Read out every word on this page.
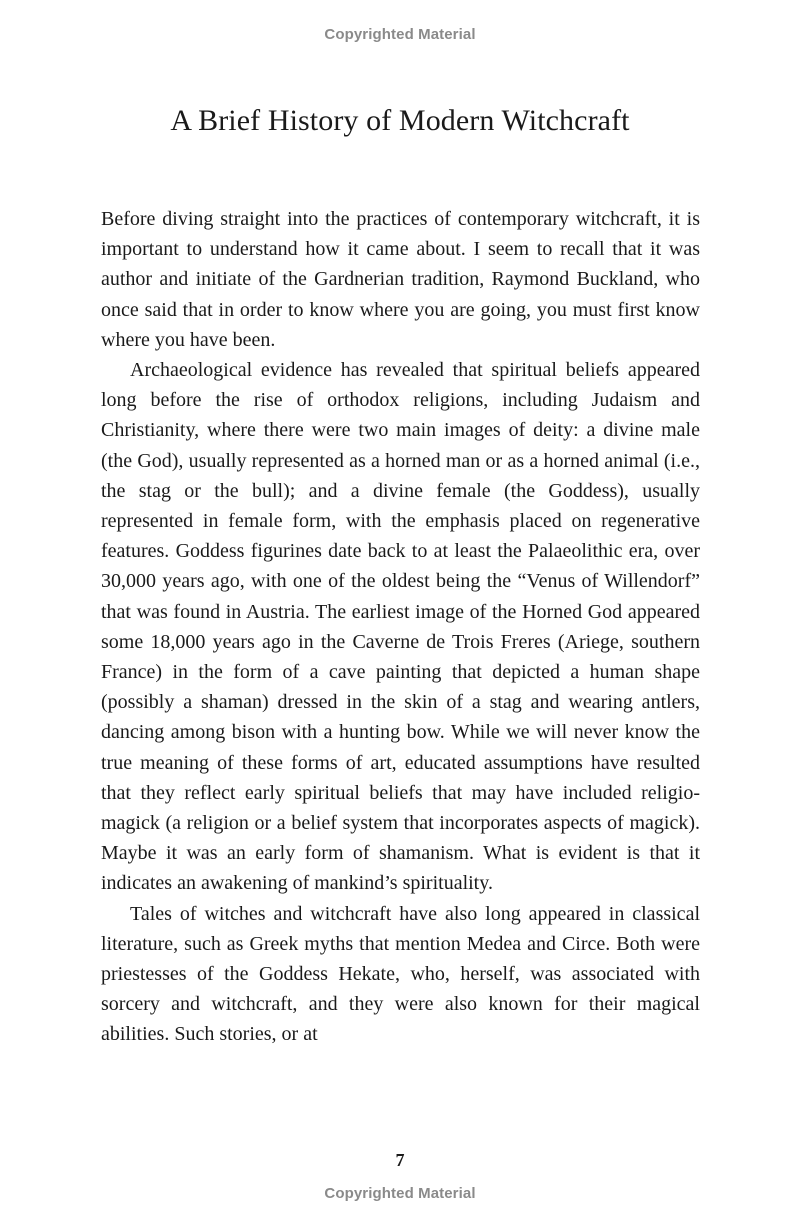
Copyrighted Material
A Brief History of Modern Witchcraft

Before diving straight into the practices of contemporary witchcraft, it is important to understand how it came about. I seem to recall that it was author and initiate of the Gardnerian tradition, Raymond Buckland, who once said that in order to know where you are going, you must first know where you have been.

Archaeological evidence has revealed that spiritual beliefs appeared long before the rise of orthodox religions, including Judaism and Christianity, where there were two main images of deity: a divine male (the God), usually represented as a horned man or as a horned animal (i.e., the stag or the bull); and a divine female (the Goddess), usually represented in female form, with the emphasis placed on regenerative features. Goddess figurines date back to at least the Palaeolithic era, over 30,000 years ago, with one of the oldest being the “Venus of Willendorf” that was found in Austria. The earliest image of the Horned God appeared some 18,000 years ago in the Caverne de Trois Freres (Ariege, southern France) in the form of a cave painting that depicted a human shape (possibly a shaman) dressed in the skin of a stag and wearing antlers, dancing among bison with a hunting bow. While we will never know the true meaning of these forms of art, educated assumptions have resulted that they reflect early spiritual beliefs that may have included religio-magick (a religion or a belief system that incorporates aspects of magick). Maybe it was an early form of shamanism. What is evident is that it indicates an awakening of mankind’s spirituality.

Tales of witches and witchcraft have also long appeared in classical literature, such as Greek myths that mention Medea and Circe. Both were priestesses of the Goddess Hekate, who, herself, was associated with sorcery and witchcraft, and they were also known for their magical abilities. Such stories, or at

7
Copyrighted Material
